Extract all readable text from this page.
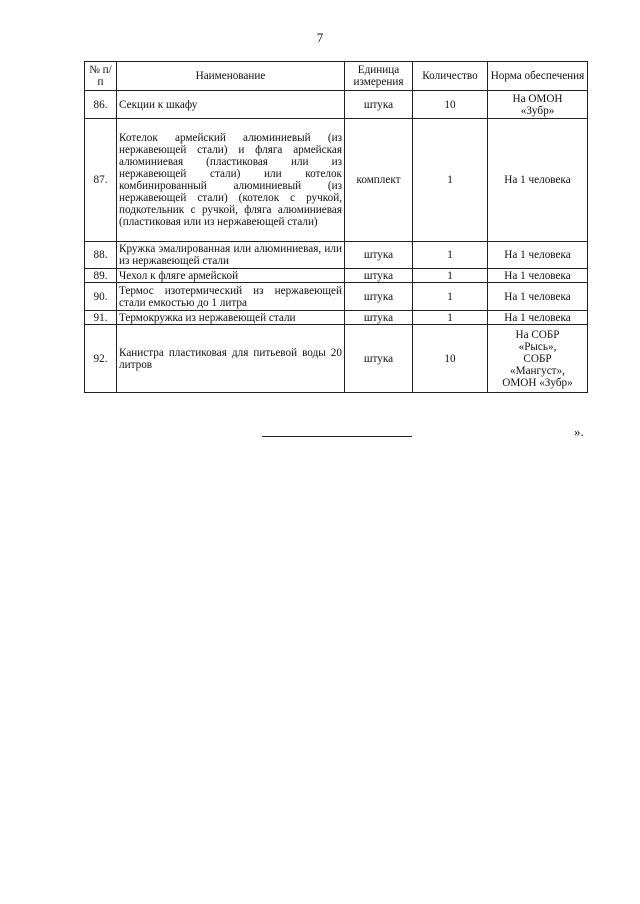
7
№ п/п	Наименование	Единица измерения	Количество	Норма обеспечения
86.	Секции к шкафу	штука	10	На ОМОН
«Зубр»
87.	Котелок армейский алюминиевый (из нержавеющей стали) и фляга армейская алюминиевая (пластиковая или из нержавеющей стали) или котелок комбинированный алюминиевый (из нержавеющей стали) (котелок с ручкой, подкотельник с ручкой, фляга алюминиевая (пластиковая или из нержавеющей стали)	комплект	1	На 1 человека
88.	Кружка эмалированная или алюминиевая, или из нержавеющей стали	штука	1	На 1 человека
89.	Чехол к фляге армейской	штука	1	На 1 человека
90.	Термос изотермический из нержавеющей стали емкостью до 1 литра	штука	1	На 1 человека
91.	Термокружка из нержавеющей стали	штука	1	На 1 человека
92.	Канистра пластиковая для питьевой воды 20 литров	штука	10	На СОБР
«Рысь»,
СОБР
«Мангуст»,
ОМОН «Зубр»
».
